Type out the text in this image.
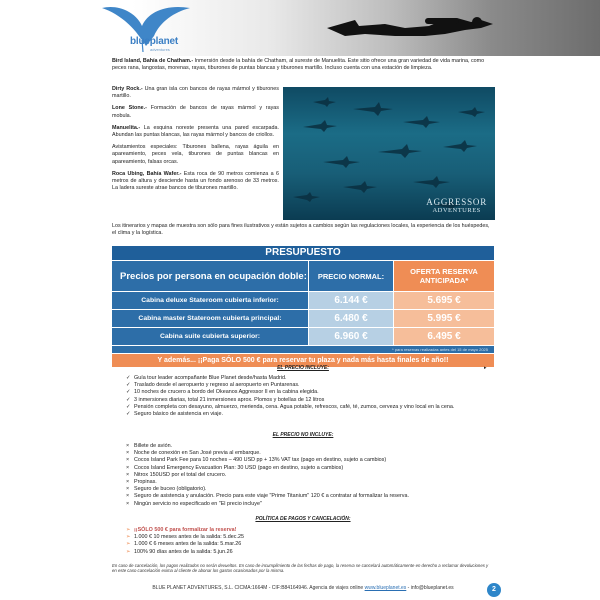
blueplanet
adventures
Bird Island, Bahía de Chatham.- Inmersión desde la bahía de Chatham, al sureste de Manuelita. Este sitio ofrece una gran variedad de vida marina, como peces rana, langostas, morenas, rayas, tiburones de puntas blancas y tiburones martillo. Incluso cuenta con una estación de limpieza.

Dirty Rock.- Una gran isla con bancos de rayas mármol y tiburones martillo.

Lone Stone.- Formación de bancos de rayas mármol y rayas mobula.

Manuelita.- La esquina noreste presenta una pared escarpada. Abundan las puntas blancas, las rayas mármol y bancos de criollos.

Avistamientos especiales: Tiburones ballena, rayas águila en apareamiento, peces vela, tiburones de puntas blancas en apareamiento, falsas orcas.

Roca Ubing, Bahía Wafer.- Esta roca de 90 metros comienza a 6 metros de altura y desciende hasta un fondo arenoso de 33 metros. La ladera sureste atrae bancos de tiburones martillo.

AGGRESSOR
ADVENTURES
Los itinerarios y mapas de muestra son sólo para fines ilustrativos y están sujetos a cambios según las regulaciones locales, la experiencia de los huéspedes, el clima y la logística.
PRESUPUESTO
Precios por persona en ocupación doble:	PRECIO NORMAL:	OFERTA RESERVA ANTICIPADA*
Cabina deluxe Stateroom cubierta inferior:	6.144 €	5.695 €
Cabina master Stateroom cubierta principal:	6.480 €	5.995 €
Cabina suite cubierta superior:	6.960 €	6.495 €
* para reservas realizadas antes del 15 de mayo 2025
Y además... ¡¡Paga SÓLO 500 € para reservar tu plaza y nada más hasta finales de año!!
EL PRECIO INCLUYE:	▸
✓ Guía tour leader acompañante Blue Planet desde/hasta Madrid.
✓ Traslado desde el aeropuerto y regreso al aeropuerto en Puntarenas.
✓ 10 noches de crucero a bordo del Okeanos Aggressor II en la cabina elegida.
✓ 3 inmersiones diarias, total 21 inmersiones aprox. Plomos y botellas de 12 litros
✓ Pensión completa con desayuno, almuerzo, merienda, cena. Agua potable, refrescos, café, té, zumos, cerveza y vino local en la cena.
✓ Seguro básico de asistencia en viaje.
EL PRECIO NO INCLUYE:
× Billete de avión.
× Noche de conexión en San José previa al embarque.
× Cocos Island Park Fee para 10 noches – 490 USD pp + 13% VAT tax (pago en destino, sujeto a cambios)
× Cocos Island Emergency Evacuation Plan: 30 USD (pago en destino, sujeto a cambios)
× Nitrox 150USD por el total del crucero.
× Propinas.
× Seguro de buceo (obligatorio).
× Seguro de asistencia y anulación. Precio para este viaje "Prime Titanium" 120 € a contratar al formalizar la reserva.
× Ningún servicio no especificado en "El precio incluye"
POLÍTICA DE PAGOS Y CANCELACIÓN:
➢ ¡¡SÓLO 500 € para formalizar la reserva!
➢ 1.000 € 10 meses antes de la salida: 5.dec.25
➢ 1.000 € 6 meses antes de la salida: 5.mar.26
➢ 100% 90 días antes de la salida: 5.jun.26
En caso de cancelación, los pagos realizados no serán devueltos. En caso de incumplimiento de las fechas de pago, la reserva se cancelará automáticamente en derecho a reclamar devoluciones y en este caso cancelación exima al cliente de abonar los gastos ocasionados por la misma.
BLUE PLANET ADVENTURES, S.L. CICMA:1664M - CIF:B84164946. Agencia de viajes online www.blueplanet.es - info@blueplanet.es	2
